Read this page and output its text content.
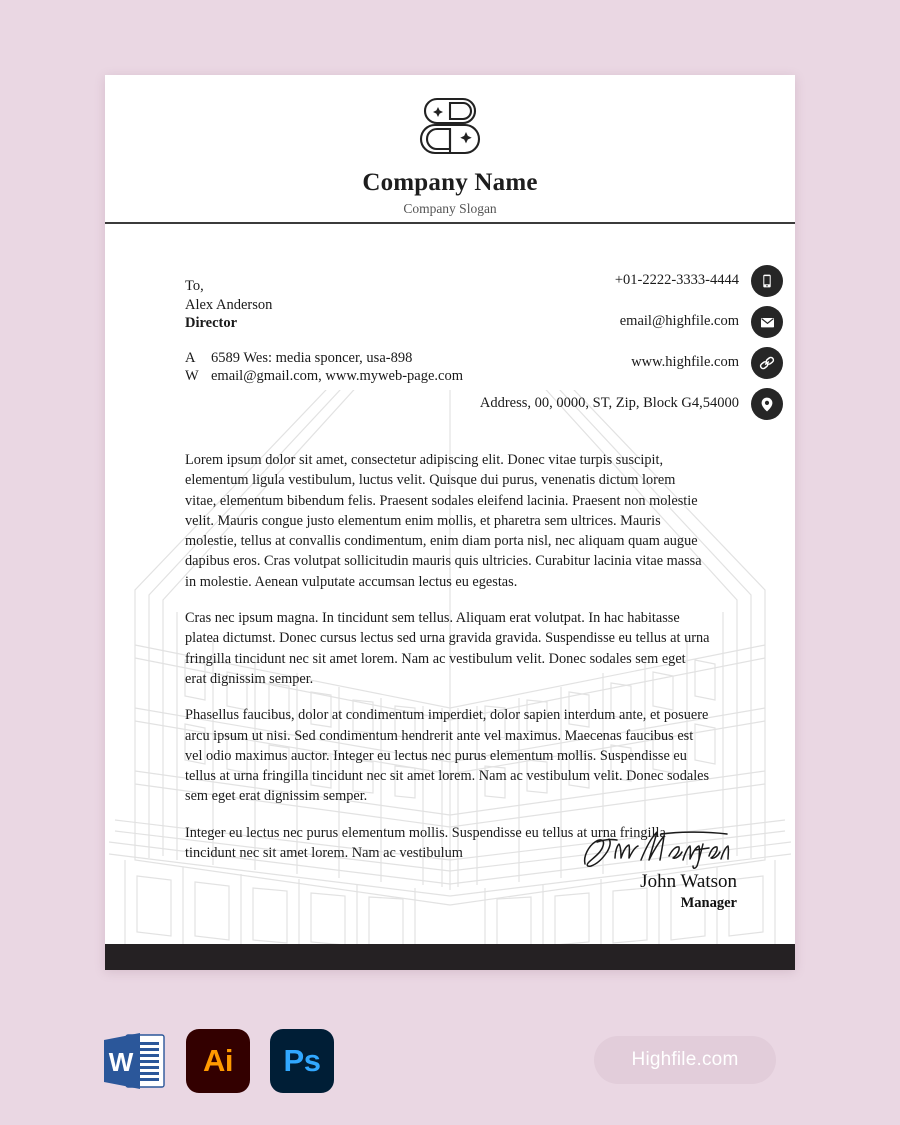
Company Name
Company Slogan
To,
Alex Anderson
Director
A	6589 Wes: media sponcer, usa-898
W email@gmail.com, www.myweb-page.com
+01-2222-3333-4444
email@highfile.com
www.highfile.com
Address, 00, 0000, ST, Zip, Block G4,54000

Lorem ipsum dolor sit amet, consectetur adipiscing elit. Donec vitae turpis suscipit, elementum ligula vestibulum, luctus velit. Quisque dui purus, venenatis dictum lorem vitae, elementum bibendum felis. Praesent sodales eleifend lacinia. Praesent non molestie velit. Mauris congue justo elementum enim mollis, et pharetra sem ultrices. Mauris molestie, tellus at convallis condimentum, enim diam porta nisl, nec aliquam quam augue dapibus eros. Cras volutpat sollicitudin mauris quis ultricies. Curabitur lacinia vitae massa in molestie. Aenean vulputate accumsan lectus eu egestas.

Cras nec ipsum magna. In tincidunt sem tellus. Aliquam erat volutpat. In hac habitasse platea dictumst. Donec cursus lectus sed urna gravida gravida. Suspendisse eu tellus at urna fringilla tincidunt nec sit amet lorem. Nam ac vestibulum velit. Donec sodales sem eget erat dignissim semper.

Phasellus faucibus, dolor at condimentum imperdiet, dolor sapien interdum ante, et posuere arcu ipsum ut nisi. Sed condimentum hendrerit ante vel maximus. Maecenas faucibus est vel odio maximus auctor. Integer eu lectus nec purus elementum mollis. Suspendisse eu tellus at urna fringilla tincidunt nec sit amet lorem. Nam ac vestibulum velit. Donec sodales sem eget erat dignissim semper.

Integer eu lectus nec purus elementum mollis. Suspendisse eu tellus at urna fringilla tincidunt nec sit amet lorem. Nam ac vestibulum

John Watson
Manager
W Ai Ps	Highfile.com
